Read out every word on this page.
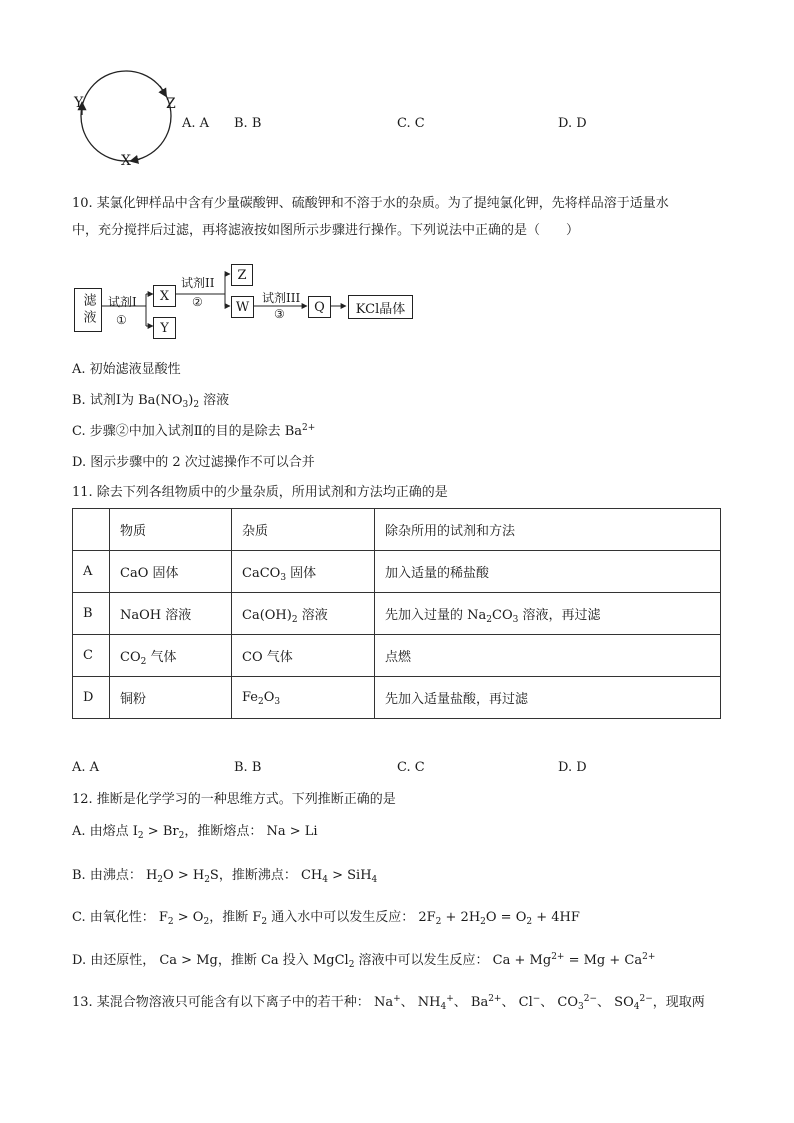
Y	Z
X
A. A B. B	C. C	D. D
10. 某氯化钾样品中含有少量碳酸钾、硫酸钾和不溶于水的杂质。为了提纯氯化钾，先将样品溶于适量水
中，充分搅拌后过滤，再将滤液按如图所示步骤进行操作。下列说法中正确的是（　　）
滤液 试剂I
①
X
Y
试剂II
②
Z
W
试剂III
③ Q KCl晶体
A. 初始滤液显酸性
B. 试剂Ⅰ为 $Ba(NO_3)_2$ 溶液
C. 步骤②中加入试剂Ⅱ的目的是除去 $Ba^{2+}$
D. 图示步骤中的 2 次过滤操作不可以合并
11. 除去下列各组物质中的少量杂质，所用试剂和方法均正确的是
	物质	杂质	除杂所用的试剂和方法
A	CaO 固体	CaCO$_3$ 固体	加入适量的稀盐酸
B	NaOH 溶液	$Ca(OH)_2$ 溶液	先加入过量的 $Na_2CO_3$ 溶液，再过滤
C	$CO_2$ 气体	CO 气体	点燃
D	铜粉	$Fe_2O_3$	先加入适量盐酸，再过滤
A. A	B. B	C. C	D. D
12. 推断是化学学习的一种思维方式。下列推断正确的是
A. 由熔点 $I_2 > Br_2$，推断熔点： Na > Li
B. 由沸点： $H_2O > H_2S$，推断沸点： $CH_4 > SiH_4$
C. 由氧化性： $F_2 > O_2$，推断 $F_2$ 通入水中可以发生反应： $2F_2 + 2H_2O = O_2 + 4HF$
D. 由还原性， Ca > Mg，推断 Ca 投入 MgCl$_2$ 溶液中可以发生反应： $Ca + Mg^{2+} = Mg + Ca^{2+}$
13. 某混合物溶液只可能含有以下离子中的若干种： Na+、 $NH_4^+$、 $Ba^{2+}$、 Cl−、 $CO_3^{2-}$、 $SO_4^{2-}$，现取两
